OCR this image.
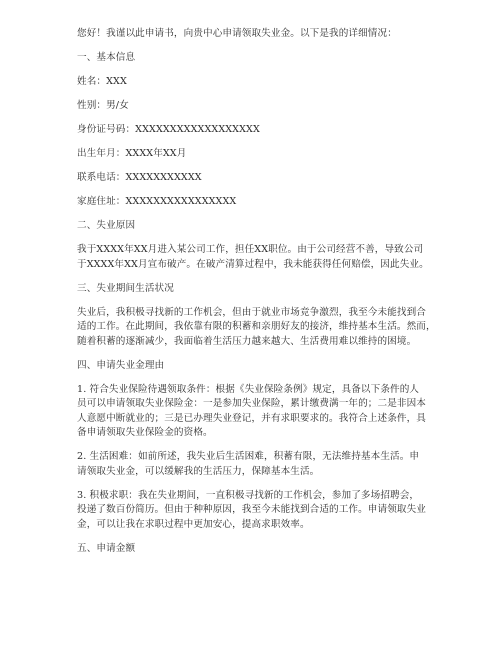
您好！我谨以此申请书，向贵中心申请领取失业金。以下是我的详细情况：

一、基本信息

姓名：XXX

性别：男/女

身份证号码：XXXXXXXXXXXXXXXXXX

出生年月：XXXX年XX月

联系电话：XXXXXXXXXXX

家庭住址：XXXXXXXXXXXXXXXX

二、失业原因

我于XXXX年XX月进入某公司工作，担任XX职位。由于公司经营不善，导致公司

于XXXX年XX月宣布破产。在破产清算过程中，我未能获得任何赔偿，因此失业。

三、失业期间生活状况

失业后，我积极寻找新的工作机会，但由于就业市场竞争激烈，我至今未能找到合

适的工作。在此期间，我依靠有限的积蓄和亲朋好友的接济，维持基本生活。然而，

随着积蓄的逐渐减少，我面临着生活压力越来越大、生活费用难以维持的困境。

四、申请失业金理由

1. 符合失业保险待遇领取条件：根据《失业保险条例》规定，具备以下条件的人

员可以申请领取失业保险金：一是参加失业保险，累计缴费满一年的；二是非因本

人意愿中断就业的；三是已办理失业登记，并有求职要求的。我符合上述条件，具

备申请领取失业保险金的资格。

2. 生活困难：如前所述，我失业后生活困难，积蓄有限，无法维持基本生活。申

请领取失业金，可以缓解我的生活压力，保障基本生活。

3. 积极求职：我在失业期间，一直积极寻找新的工作机会，参加了多场招聘会，

投递了数百份简历。但由于种种原因，我至今未能找到合适的工作。申请领取失业

金，可以让我在求职过程中更加安心，提高求职效率。

五、申请金额
